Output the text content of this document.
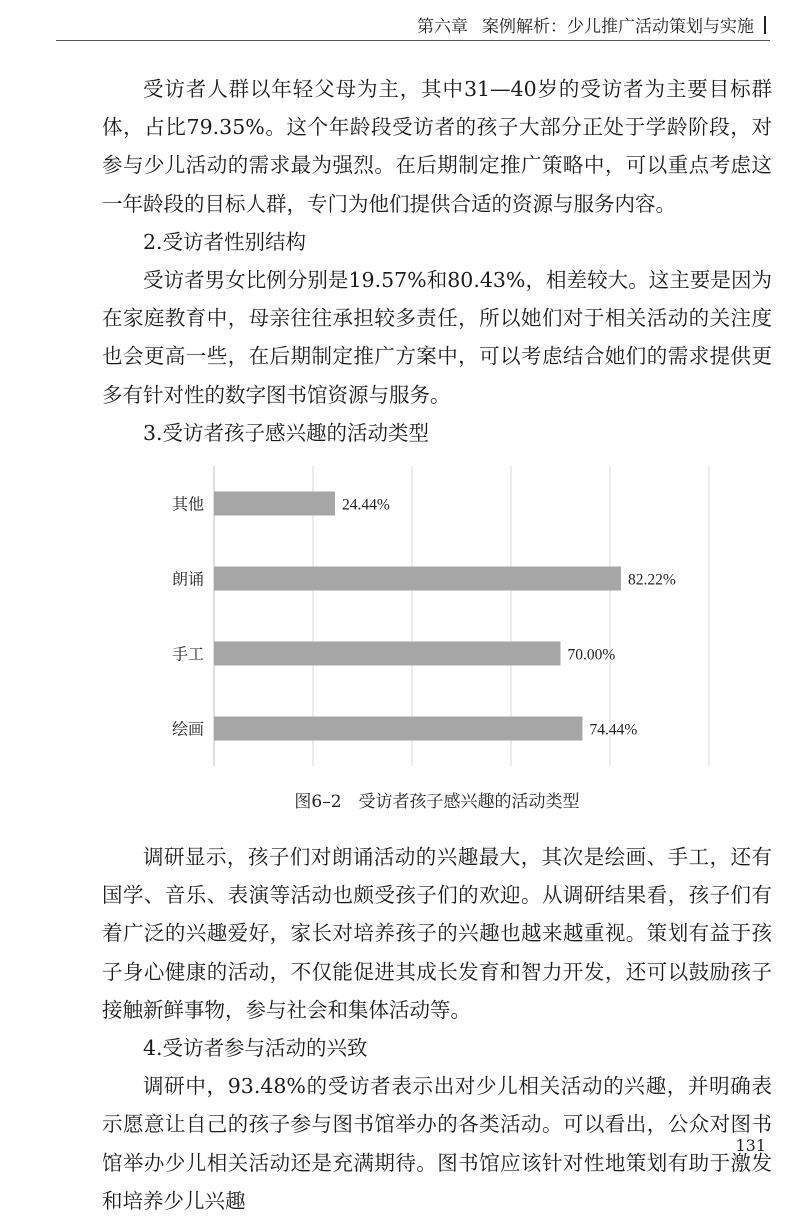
第六章 案例解析：少儿推广活动策划与实施

受访者人群以年轻父母为主，其中31—40岁的受访者为主要目标群体，占比79.35%。这个年龄段受访者的孩子大部分正处于学龄阶段，对参与少儿活动的需求最为强烈。在后期制定推广策略中，可以重点考虑这一年龄段的目标人群，专门为他们提供合适的资源与服务内容。

2.受访者性别结构

受访者男女比例分别是19.57%和80.43%，相差较大。这主要是因为在家庭教育中，母亲往往承担较多责任，所以她们对于相关活动的关注度也会更高一些，在后期制定推广方案中，可以考虑结合她们的需求提供更多有针对性的数字图书馆资源与服务。

3.受访者孩子感兴趣的活动类型

其他	24.44%
朗诵	82.22%
手工	70.00%
绘画	74.44%
图6–2　受访者孩子感兴趣的活动类型

调研显示，孩子们对朗诵活动的兴趣最大，其次是绘画、手工，还有国学、音乐、表演等活动也颇受孩子们的欢迎。从调研结果看，孩子们有着广泛的兴趣爱好，家长对培养孩子的兴趣也越来越重视。策划有益于孩子身心健康的活动，不仅能促进其成长发育和智力开发，还可以鼓励孩子接触新鲜事物，参与社会和集体活动等。

4.受访者参与活动的兴致

调研中，93.48%的受访者表示出对少儿相关活动的兴趣，并明确表示愿意让自己的孩子参与图书馆举办的各类活动。可以看出，公众对图书馆举办少儿相关活动还是充满期待。图书馆应该针对性地策划有助于激发和培养少儿兴趣

131
